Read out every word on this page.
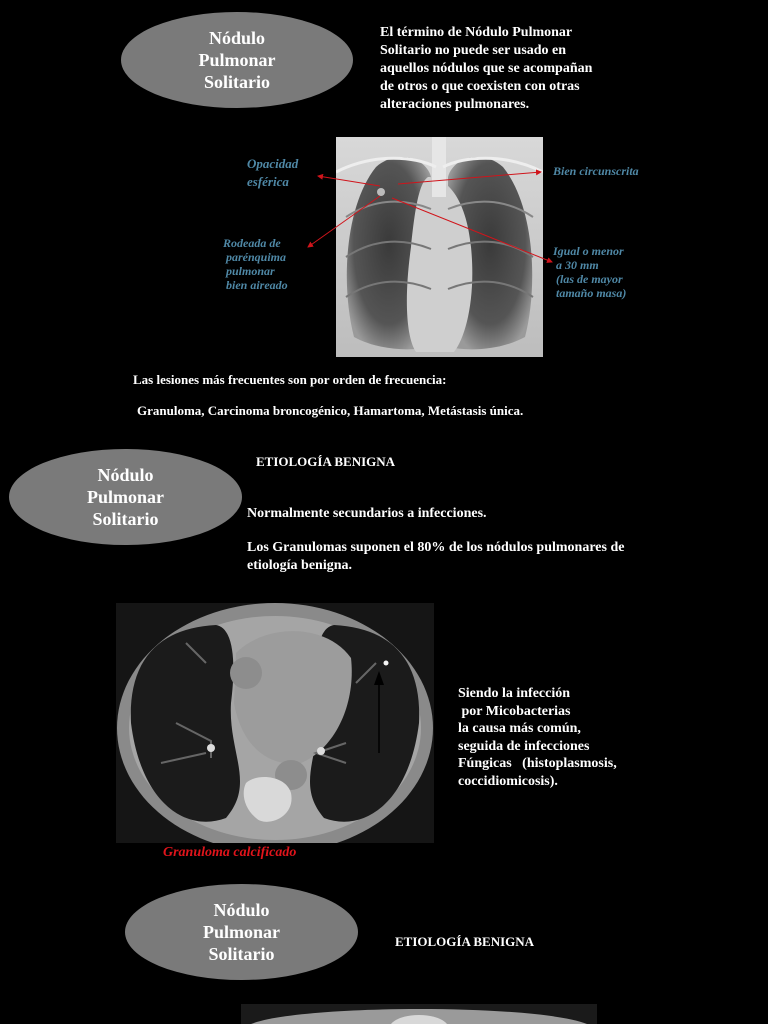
Nódulo
Pulmonar
Solitario
El término de Nódulo Pulmonar
Solitario no puede ser usado en
aquellos nódulos que se acompañan
de otros o que coexisten con otras
alteraciones pulmonares.
Opacidad
esférica
Rodeada de
parénquima
pulmonar
bien aireado
Bien circunscrita
Igual o menor
a 30 mm
(las de mayor
tamaño masa)
Las lesiones más frecuentes son por orden de frecuencia:
Granuloma, Carcinoma broncogénico, Hamartoma, Metástasis única.
Nódulo
Pulmonar
Solitario
ETIOLOGÍA BENIGNA
Normalmente secundarios a infecciones.
Los Granulomas suponen el 80% de los nódulos pulmonares de
etiología benigna.
Siendo la infección
por Micobacterias
la causa más común,
seguida de infecciones
Fúngicas   (histoplasmosis,
coccidiomicosis).
Granuloma calcificado
Nódulo
Pulmonar
Solitario
ETIOLOGÍA BENIGNA
